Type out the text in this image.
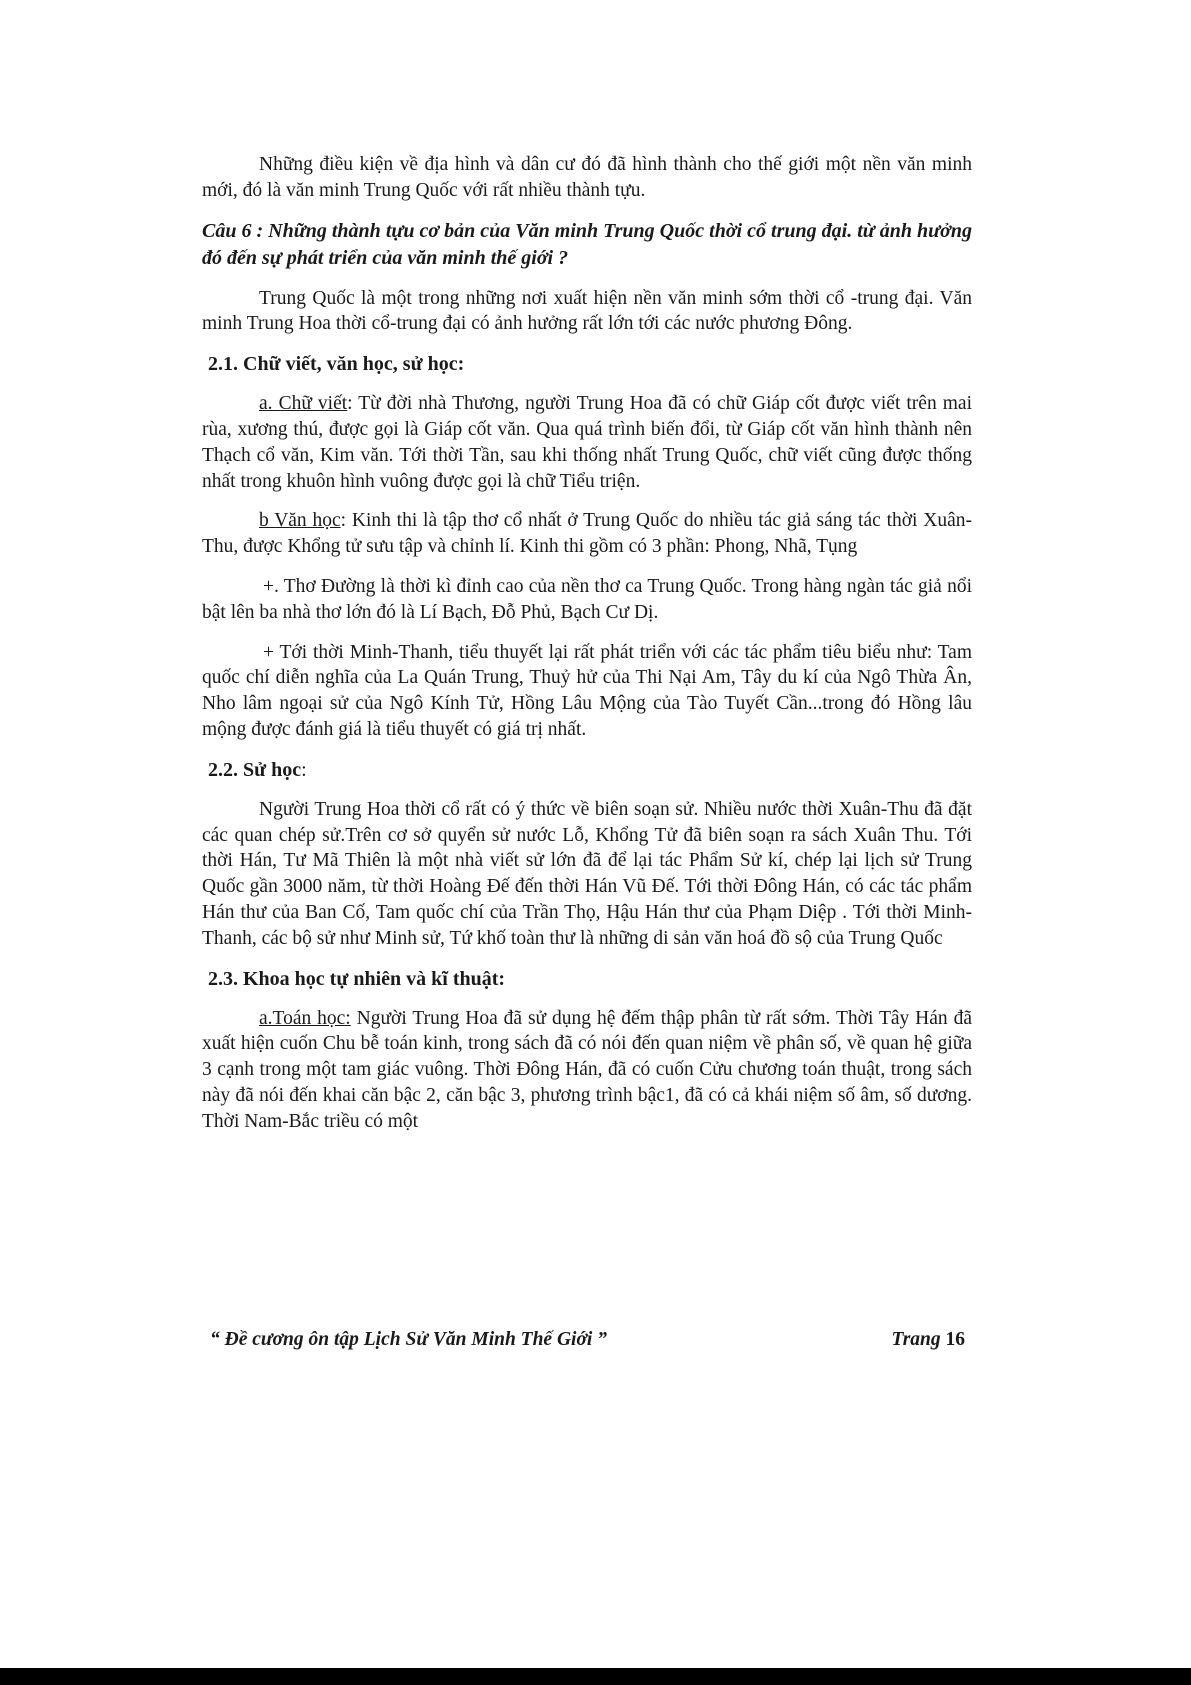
Những điều kiện về địa hình và dân cư đó đã hình thành cho thế giới một nền văn minh mới, đó là văn minh Trung Quốc với rất nhiều thành tựu.

Câu 6 : Những thành tựu cơ bản của Văn minh Trung Quốc thời cổ trung đại. từ ảnh hưởng đó đến sự phát triển của văn minh thế giới ?

Trung Quốc là một trong những nơi xuất hiện nền văn minh sớm thời cổ -trung đại. Văn minh Trung Hoa thời cổ-trung đại có ảnh hưởng rất lớn tới các nước phương Đông.

2.1. Chữ viết, văn học, sử học:

a. Chữ viết: Từ đời nhà Thương, người Trung Hoa đã có chữ Giáp cốt được viết trên mai rùa, xương thú, được gọi là Giáp cốt văn. Qua quá trình biến đổi, từ Giáp cốt văn hình thành nên Thạch cổ văn, Kim văn. Tới thời Tần, sau khi thống nhất Trung Quốc, chữ viết cũng được thống nhất trong khuôn hình vuông được gọi là chữ Tiểu triện.

b Văn học: Kinh thi là tập thơ cổ nhất ở Trung Quốc do nhiều tác giả sáng tác thời Xuân-Thu, được Khổng tử sưu tập và chỉnh lí. Kinh thi gồm có 3 phần: Phong, Nhã, Tụng

+. Thơ Đường là thời kì đỉnh cao của nền thơ ca Trung Quốc. Trong hàng ngàn tác giả nổi bật lên ba nhà thơ lớn đó là Lí Bạch, Đỗ Phủ, Bạch Cư Dị.

+ Tới thời Minh-Thanh, tiểu thuyết lại rất phát triển với các tác phẩm tiêu biểu như: Tam quốc chí diễn nghĩa của La Quán Trung, Thuỷ hử của Thi Nại Am, Tây du kí của Ngô Thừa Ân, Nho lâm ngoại sử của Ngô Kính Tử, Hồng Lâu Mộng của Tào Tuyết Cần...trong đó Hồng lâu mộng được đánh giá là tiểu thuyết có giá trị nhất.

2.2. Sử học:

Người Trung Hoa thời cổ rất có ý thức về biên soạn sử. Nhiều nước thời Xuân-Thu đã đặt các quan chép sử.Trên cơ sở quyển sử nước Lỗ, Khổng Tử đã biên soạn ra sách Xuân Thu. Tới thời Hán, Tư Mã Thiên là một nhà viết sử lớn đã để lại tác Phẩm Sử kí, chép lại lịch sử Trung Quốc gần 3000 năm, từ thời Hoàng Đế đến thời Hán Vũ Đế. Tới thời Đông Hán, có các tác phẩm Hán thư của Ban Cố, Tam quốc chí của Trần Thọ, Hậu Hán thư của Phạm Diệp . Tới thời Minh-Thanh, các bộ sử như Minh sử, Tứ khố toàn thư là những di sản văn hoá đồ sộ của Trung Quốc

2.3. Khoa học tự nhiên và kĩ thuật:

a.Toán học: Người Trung Hoa đã sử dụng hệ đếm thập phân từ rất sớm. Thời Tây Hán đã xuất hiện cuốn Chu bễ toán kinh, trong sách đã có nói đến quan niệm về phân số, về quan hệ giữa 3 cạnh trong một tam giác vuông. Thời Đông Hán, đã có cuốn Cửu chương toán thuật, trong sách này đã nói đến khai căn bậc 2, căn bậc 3, phương trình bậc1, đã có cả khái niệm số âm, số dương. Thời Nam-Bắc triều có một

“ Đề cương ôn tập Lịch Sử Văn Minh Thế Giới ”	Trang 16
